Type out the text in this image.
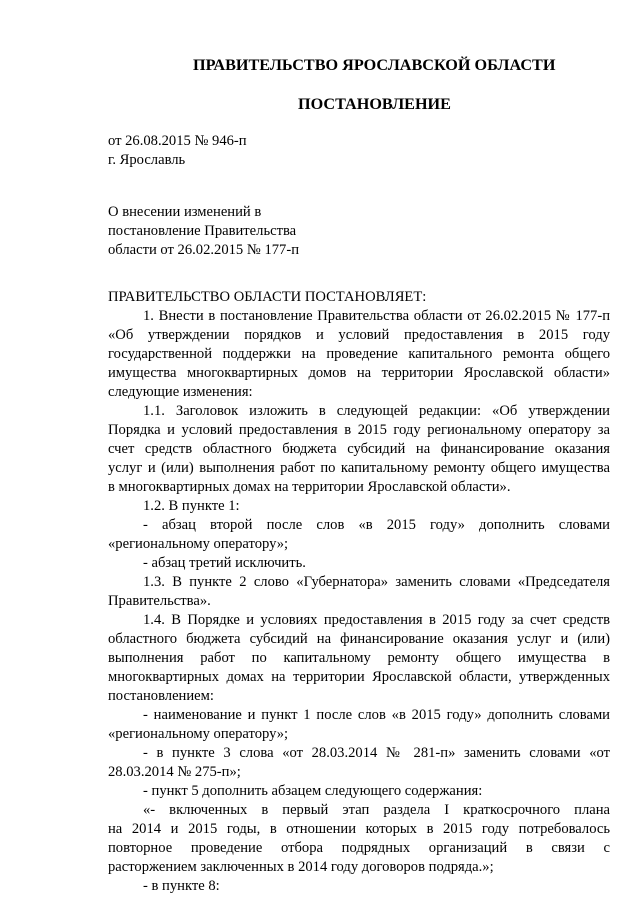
ПРАВИТЕЛЬСТВО ЯРОСЛАВСКОЙ ОБЛАСТИ
ПОСТАНОВЛЕНИЕ
от 26.08.2015 № 946-п
г. Ярославль
О внесении изменений в
постановление Правительства
области от 26.02.2015 № 177-п
ПРАВИТЕЛЬСТВО ОБЛАСТИ ПОСТАНОВЛЯЕТ:
1. Внести в постановление Правительства области от 26.02.2015 № 177-п
«Об утверждении порядков и условий предоставления в 2015 году
государственной поддержки на проведение капитального ремонта общего
имущества многоквартирных домов на территории Ярославской области»
следующие изменения:
1.1. Заголовок изложить в следующей редакции: «Об утверждении
Порядка и условий предоставления в 2015 году региональному оператору за
счет средств областного бюджета субсидий на финансирование оказания
услуг и (или) выполнения работ по капитальному ремонту общего имущества
в многоквартирных домах на территории Ярославской области».
1.2. В пункте 1:
- абзац второй после слов «в 2015 году» дополнить словами
«региональному оператору»;
- абзац третий исключить.
1.3. В пункте 2 слово «Губернатора» заменить словами «Председателя
Правительства».
1.4. В Порядке и условиях предоставления в 2015 году за счет средств
областного бюджета субсидий на финансирование оказания услуг и (или)
выполнения работ по капитальному ремонту общего имущества в
многоквартирных домах на территории Ярославской области, утвержденных
постановлением:
- наименование и пункт 1 после слов «в 2015 году» дополнить словами
«региональному оператору»;
- в пункте 3 слова «от 28.03.2014 № 281-п» заменить словами «от
28.03.2014 № 275-п»;
- пункт 5 дополнить абзацем следующего содержания:
«- включенных в первый этап раздела I краткосрочного плана
на 2014 и 2015 годы, в отношении которых в 2015 году потребовалось
повторное проведение отбора подрядных организаций в связи с
расторжением заключенных в 2014 году договоров подряда.»;
- в пункте 8:
